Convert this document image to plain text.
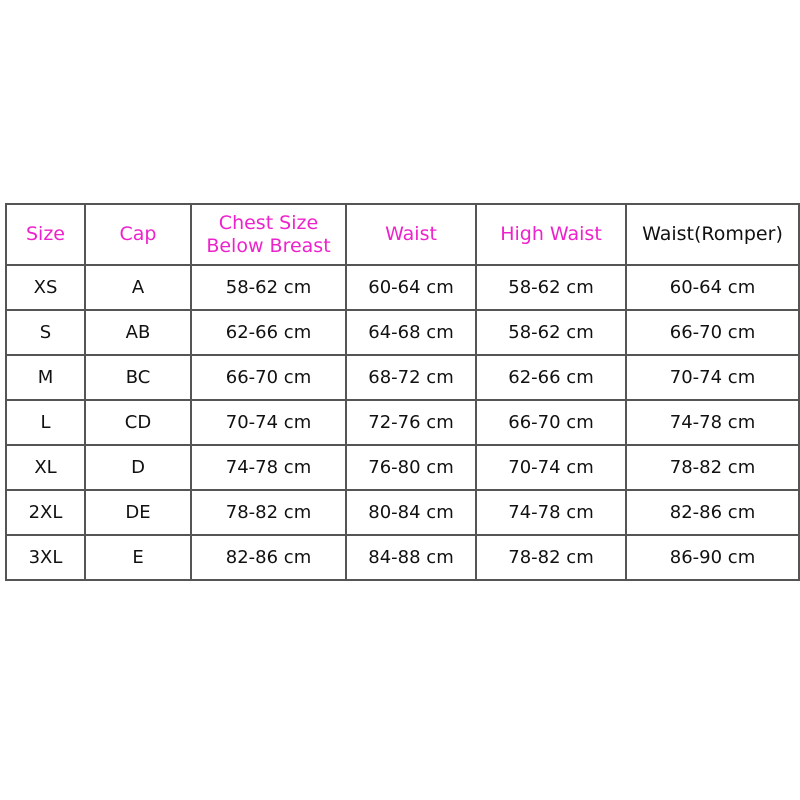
Size	Cap	Chest Size Below Breast	Waist	High Waist	Waist(Romper)
XS	A	58-62 cm	60-64 cm	58-62 cm	60-64 cm
S	AB	62-66 cm	64-68 cm	58-62 cm	66-70 cm
M	BC	66-70 cm	68-72 cm	62-66 cm	70-74 cm
L	CD	70-74 cm	72-76 cm	66-70 cm	74-78 cm
XL	D	74-78 cm	76-80 cm	70-74 cm	78-82 cm
2XL	DE	78-82 cm	80-84 cm	74-78 cm	82-86 cm
3XL	E	82-86 cm	84-88 cm	78-82 cm	86-90 cm
